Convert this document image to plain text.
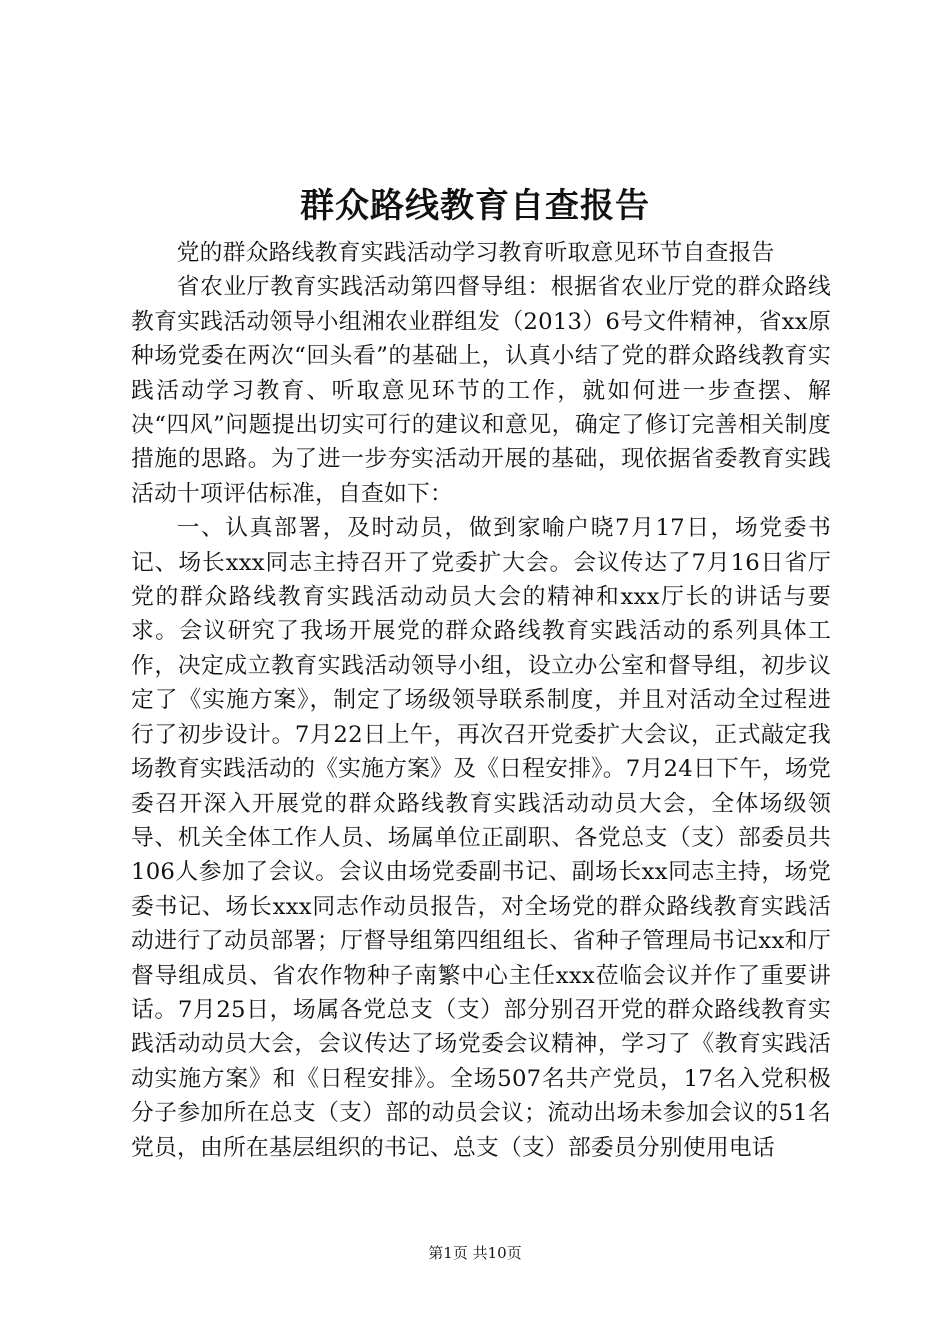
群众路线教育自查报告

党的群众路线教育实践活动学习教育听取意见环节自查报告

省农业厅教育实践活动第四督导组：根据省农业厅党的群众路线教育实践活动领导小组湘农业群组发（2013）6号文件精神，省xx原种场党委在两次“回头看”的基础上，认真小结了党的群众路线教育实践活动学习教育、听取意见环节的工作，就如何进一步查摆、解决“四风”问题提出切实可行的建议和意见，确定了修订完善相关制度措施的思路。为了进一步夯实活动开展的基础，现依据省委教育实践活动十项评估标准，自查如下：

一、认真部署，及时动员，做到家喻户晓7月17日，场党委书记、场长xxx同志主持召开了党委扩大会。会议传达了7月16日省厅党的群众路线教育实践活动动员大会的精神和xxx厅长的讲话与要求。会议研究了我场开展党的群众路线教育实践活动的系列具体工作，决定成立教育实践活动领导小组，设立办公室和督导组，初步议定了《实施方案》，制定了场级领导联系制度，并且对活动全过程进行了初步设计。7月22日上午，再次召开党委扩大会议，正式敲定我场教育实践活动的《实施方案》及《日程安排》。7月24日下午，场党委召开深入开展党的群众路线教育实践活动动员大会，全体场级领导、机关全体工作人员、场属单位正副职、各党总支（支）部委员共106人参加了会议。会议由场党委副书记、副场长xx同志主持，场党委书记、场长xxx同志作动员报告，对全场党的群众路线教育实践活动进行了动员部署；厅督导组第四组组长、省种子管理局书记xx和厅督导组成员、省农作物种子南繁中心主任xxx莅临会议并作了重要讲话。7月25日，场属各党总支（支）部分别召开党的群众路线教育实践活动动员大会，会议传达了场党委会议精神，学习了《教育实践活动实施方案》和《日程安排》。全场507名共产党员，17名入党积极分子参加所在总支（支）部的动员会议；流动出场未参加会议的51名党员，由所在基层组织的书记、总支（支）部委员分别使用电话

第1页 共10页
